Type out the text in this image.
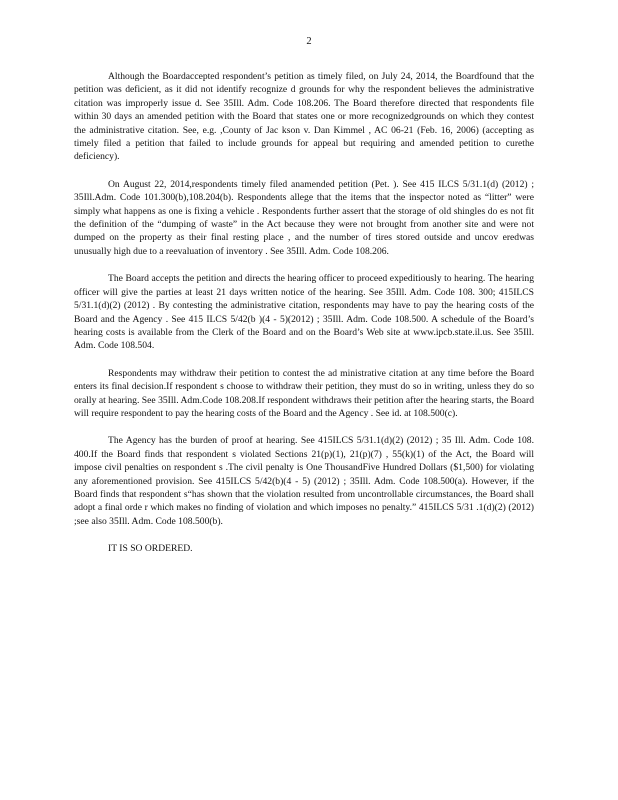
2

Although the Boardaccepted respondent’s petition as timely filed, on July 24, 2014, the Boardfound that the petition was deficient, as it did not identify recognize d grounds for why the respondent believes the administrative citation was improperly issue d. See 35Ill. Adm. Code 108.206. The Board therefore directed that respondents file within 30 days an amended petition with the Board that states one or more recognizedgrounds on which they contest the administrative citation. See, e.g. ,County of Jac kson v. Dan Kimmel , AC 06-21 (Feb. 16, 2006) (accepting as timely filed a petition that failed to include grounds for appeal but requiring and amended petition to curethe deficiency).

On August 22, 2014,respondents timely filed anamended petition (Pet. ). See 415 ILCS 5/31.1(d) (2012) ; 35Ill.Adm. Code 101.300(b),108.204(b). Respondents allege that the items that the inspector noted as “litter” were simply what happens as one is fixing a vehicle . Respondents further assert that the storage of old shingles do es not fit the definition of the “dumping of waste” in the Act because they were not brought from another site and were not dumped on the property as their final resting place , and the number of tires stored outside and uncov eredwas unusually high due to a reevaluation of inventory . See 35Ill. Adm. Code 108.206.

The Board accepts the petition and directs the hearing officer to proceed expeditiously to hearing. The hearing officer will give the parties at least 21 days written notice of the hearing. See 35Ill. Adm. Code 108. 300; 415ILCS 5/31.1(d)(2) (2012) . By contesting the administrative citation, respondents may have to pay the hearing costs of the Board and the Agency . See 415 ILCS 5/42(b )(4 - 5)(2012) ; 35Ill. Adm. Code 108.500. A schedule of the Board’s hearing costs is available from the Clerk of the Board and on the Board’s Web site at www.ipcb.state.il.us. See 35Ill. Adm. Code 108.504.

Respondents may withdraw their petition to contest the ad ministrative citation at any time before the Board enters its final decision.If respondent s choose to withdraw their petition, they must do so in writing, unless they do so orally at hearing. See 35Ill. Adm.Code 108.208.If respondent withdraws their petition after the hearing starts, the Board will require respondent to pay the hearing costs of the Board and the Agency . See id. at 108.500(c).

The Agency has the burden of proof at hearing. See 415ILCS 5/31.1(d)(2) (2012) ; 35 Ill. Adm. Code 108. 400.If the Board finds that respondent s violated Sections 21(p)(1), 21(p)(7) , 55(k)(1) of the Act, the Board will impose civil penalties on respondent s .The civil penalty is One ThousandFive Hundred Dollars ($1,500) for violating any aforementioned provision. See 415ILCS 5/42(b)(4 - 5) (2012) ; 35Ill. Adm. Code 108.500(a). However, if the Board finds that respondent s“has shown that the violation resulted from uncontrollable circumstances, the Board shall adopt a final orde r which makes no finding of violation and which imposes no penalty.” 415ILCS 5/31 .1(d)(2) (2012) ;see also 35Ill. Adm. Code 108.500(b).

IT IS SO ORDERED.
